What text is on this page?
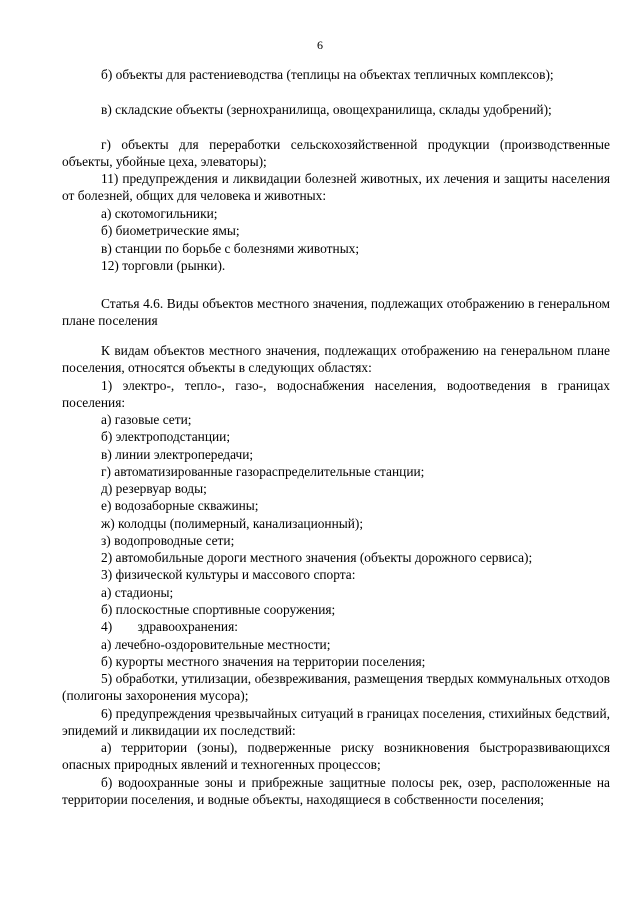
6

б) объекты для растениеводства (теплицы на объектах тепличных комплексов);

в) складские объекты (зернохранилища, овощехранилища, склады удобрений);

г) объекты для переработки сельскохозяйственной продукции (производственные объекты, убойные цеха, элеваторы);

11) предупреждения и ликвидации болезней животных, их лечения и защиты населения от болезней, общих для человека и животных:

а) скотомогильники;

б) биометрические ямы;

в) станции по борьбе с болезнями животных;

12) торговли (рынки).

Статья 4.6. Виды объектов местного значения, подлежащих отображению в генеральном плане поселения

К видам объектов местного значения, подлежащих отображению на генеральном плане поселения, относятся объекты в следующих областях:

1) электро-, тепло-, газо-, водоснабжения населения, водоотведения в границах поселения:

а) газовые сети;

б) электроподстанции;

в) линии электропередачи;

г) автоматизированные газораспределительные станции;

д) резервуар воды;

е) водозаборные скважины;

ж) колодцы (полимерный, канализационный);

з) водопроводные сети;

2) автомобильные дороги местного значения (объекты дорожного сервиса);

3) физической культуры и массового спорта:

а) стадионы;

б) плоскостные спортивные сооружения;

4) здравоохранения:

а) лечебно-оздоровительные местности;

б) курорты местного значения на территории поселения;

5) обработки, утилизации, обезвреживания, размещения твердых коммунальных отходов (полигоны захоронения мусора);

6) предупреждения чрезвычайных ситуаций в границах поселения, стихийных бедствий, эпидемий и ликвидации их последствий:

а) территории (зоны), подверженные риску возникновения быстроразвивающихся опасных природных явлений и техногенных процессов;

б) водоохранные зоны и прибрежные защитные полосы рек, озер, расположенные на территории поселения, и водные объекты, находящиеся в собственности поселения;
